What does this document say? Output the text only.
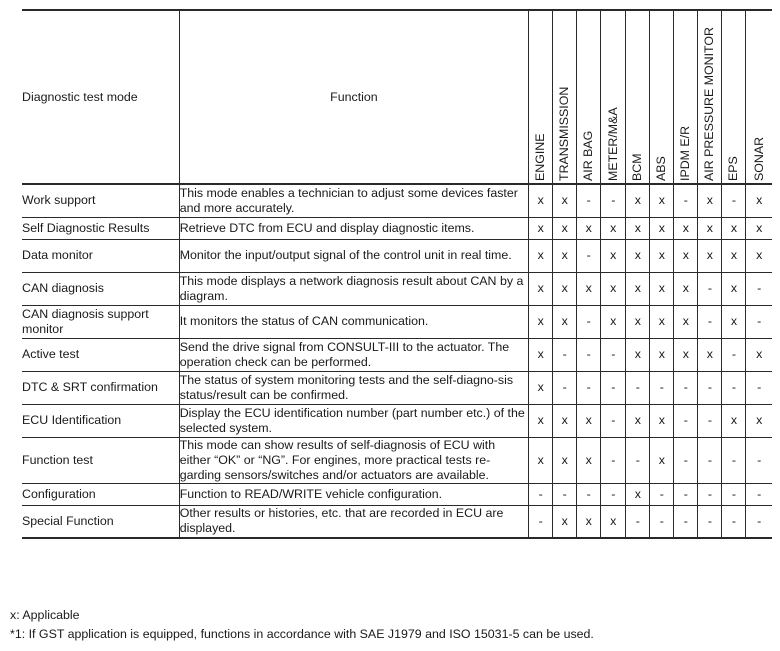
Diagnostic test mode	Function	ENGINE	TRANSMISSION	AIR BAG	METER/M&A	BCM	ABS	IPDM E/R	AIR PRESSURE MONITOR	EPS	SONAR

Work support	This mode enables a technician to adjust some devices faster and more accurately.	x	x	-	-	x	x	-	x	-	x
Self Diagnostic Results	Retrieve DTC from ECU and display diagnostic items.	x	x	x	x	x	x	x	x	x	x
Data monitor	Monitor the input/output signal of the control unit in real time.	x	x	-	x	x	x	x	x	x	x
CAN diagnosis	This mode displays a network diagnosis result about CAN by a diagram.	x	x	x	x	x	x	x	-	x	-
CAN diagnosis support monitor	It monitors the status of CAN communication.	x	x	-	x	x	x	x	-	x	-
Active test	Send the drive signal from CONSULT-III to the actuator. The operation check can be performed.	x	-	-	-	x	x	x	x	-	x
DTC & SRT confirmation	The status of system monitoring tests and the self-diagno-sis status/result can be confirmed.	x	-	-	-	-	-	-	-	-	-
ECU Identification	Display the ECU identification number (part number etc.) of the selected system.	x	x	x	-	x	x	-	-	x	x
Function test	This mode can show results of self-diagnosis of ECU with either “OK” or “NG”. For engines, more practical tests re-garding sensors/switches and/or actuators are available.	x	x	x	-	-	x	-	-	-	-
Configuration	Function to READ/WRITE vehicle configuration.	-	-	-	-	x	-	-	-	-	-
Special Function	Other results or histories, etc. that are recorded in ECU are displayed.	-	x	x	x	-	-	-	-	-	-
x: Applicable
*1: If GST application is equipped, functions in accordance with SAE J1979 and ISO 15031-5 can be used.
